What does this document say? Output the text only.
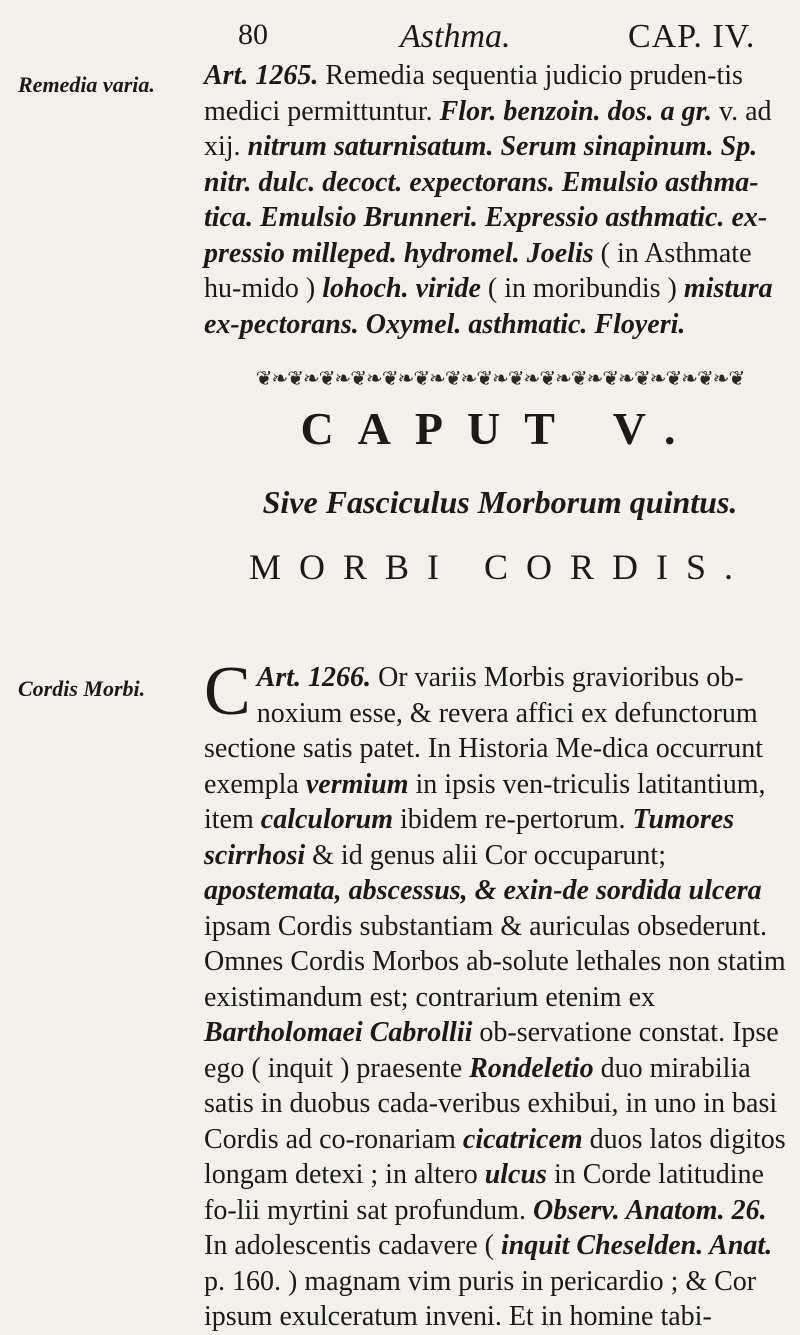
80	Asthma.	CAP. IV.
Remedia varia.
Cordis Morbi.
Art. 1265. Remedia sequentia judicio pruden-tis medici permittuntur. Flor. benzoin. dos. a gr. v. ad xij. nitrum saturnisatum. Serum sinapinum. Sp. nitr. dulc. decoct. expectorans. Emulsio asthma-tica. Emulsio Brunneri. Expressio asthmatic. ex-pressio milleped. hydromel. Joelis ( in Asthmate hu-mido ) lohoch. viride ( in moribundis ) mistura ex-pectorans. Oxymel. asthmatic. Floyeri.
❦❧❦❧❦❧❦❧❦❧❦❧❦❧❦❧❦❧❦❧❦❧❦❧❦❧❦❧❦❧❦
CAPUT V.
Sive Fasciculus Morborum quintus.
MORBI CORDIS.
Art. 1266.
C	Or variis Morbis gravioribus ob-noxium esse, & revera affici ex defunctorum sectione satis patet. In Historia Me-dica occurrunt exempla vermium in ipsis ven-triculis latitantium, item calculorum ibidem re-pertorum. Tumores scirrhosi & id genus alii Cor occuparunt; apostemata, abscessus, & exin-de sordida ulcera ipsam Cordis substantiam & auriculas obsederunt. Omnes Cordis Morbos ab-solute lethales non statim existimandum est; contrarium etenim ex Bartholomaei Cabrollii ob-servatione constat. Ipse ego ( inquit ) praesente Rondeletio duo mirabilia satis in duobus cada-veribus exhibui, in uno in basi Cordis ad co-ronariam cicatricem duos latos digitos longam detexi ; in altero ulcus in Corde latitudine fo-lii myrtini sat profundum. Observ. Anatom. 26. In adolescentis cadavere ( inquit Cheselden. Anat. p. 160. ) magnam vim puris in pericardio ; & Cor ipsum exulceratum inveni. Et in homine tabi-
